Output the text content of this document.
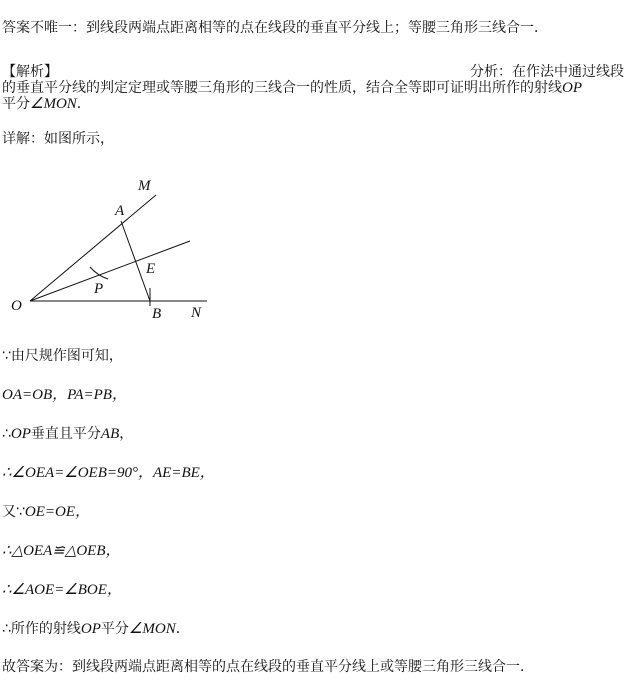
答案不唯一：到线段两端点距离相等的点在线段的垂直平分线上；等腰三角形三线合一．
【解析】	分析：在作法中通过线段
的垂直平分线的判定定理或等腰三角形的三线合一的性质，结合全等即可证明出所作的射线OP
平分∠MON．
详解：如图所示，
M
A
E
P
O	B N
∵由尺规作图可知，
OA=OB，PA=PB，
∴OP垂直且平分AB，
∴∠OEA=∠OEB=90°，AE=BE，
又∵OE=OE，
∴△OEA≌△OEB，
∴∠AOE=∠BOE，
∴所作的射线OP平分∠MON．
故答案为：到线段两端点距离相等的点在线段的垂直平分线上或等腰三角形三线合一．
